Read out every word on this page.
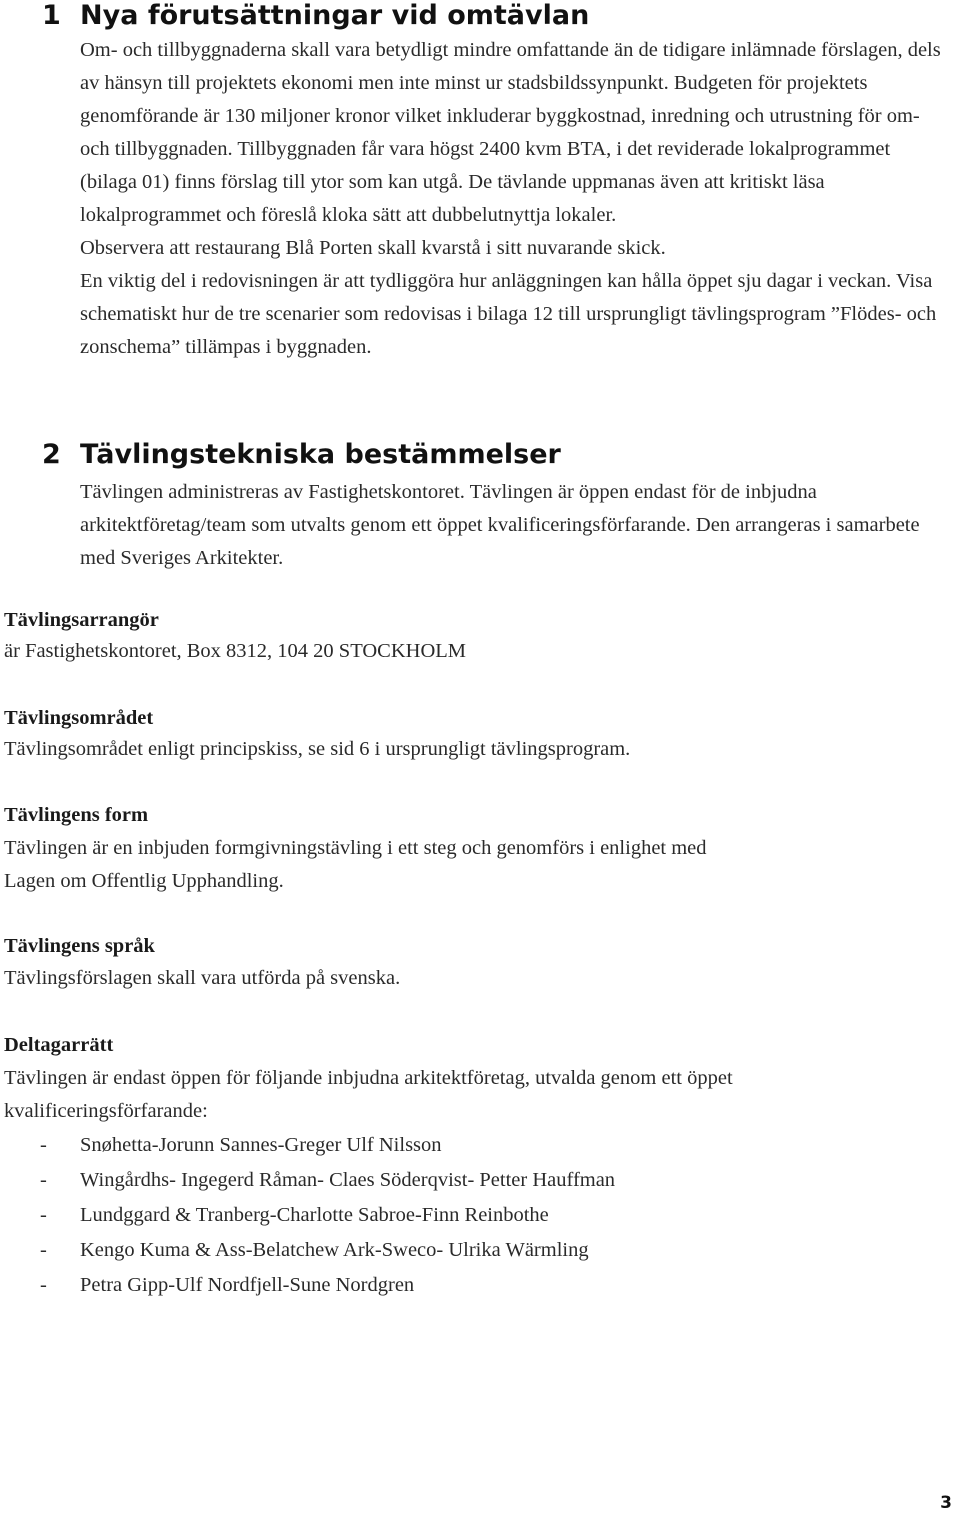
1 Nya förutsättningar vid omtävlan

Om- och tillbyggnaderna skall vara betydligt mindre omfattande än de tidigare inlämnade förslagen, dels av hänsyn till projektets ekonomi men inte minst ur stadsbildssynpunkt. Budgeten för projektets genomförande är 130 miljoner kronor vilket inkluderar byggkostnad, inredning och utrustning för om- och tillbyggnaden. Tillbyggnaden får vara högst 2400 kvm BTA, i det reviderade lokalprogrammet (bilaga 01) finns förslag till ytor som kan utgå. De tävlande uppmanas även att kritiskt läsa lokalprogrammet och föreslå kloka sätt att dubbelutnyttja lokaler.

Observera att restaurang Blå Porten skall kvarstå i sitt nuvarande skick.

En viktig del i redovisningen är att tydliggöra hur anläggningen kan hålla öppet sju dagar i veckan. Visa schematiskt hur de tre scenarier som redovisas i bilaga 12 till ursprungligt tävlingsprogram ”Flödes- och zonschema” tillämpas i byggnaden.

2 Tävlingstekniska bestämmelser

Tävlingen administreras av Fastighetskontoret. Tävlingen är öppen endast för de inbjudna arkitektföretag/team som utvalts genom ett öppet kvalificeringsförfarande. Den arrangeras i samarbete med Sveriges Arkitekter.

Tävlingsarrangör

är Fastighetskontoret, Box 8312, 104 20 STOCKHOLM

Tävlingsområdet

Tävlingsområdet enligt principskiss, se sid 6 i ursprungligt tävlingsprogram.

Tävlingens form

Tävlingen är en inbjuden formgivningstävling i ett steg och genomförs i enlighet med

Lagen om Offentlig Upphandling.

Tävlingens språk

Tävlingsförslagen skall vara utförda på svenska.

Deltagarrätt

Tävlingen är endast öppen för följande inbjudna arkitektföretag, utvalda genom ett öppet

kvalificeringsförfarande:

- Snøhetta-Jorunn Sannes-Greger Ulf Nilsson
- Wingårdhs- Ingegerd Råman- Claes Söderqvist- Petter Hauffman
- Lundggard & Tranberg-Charlotte Sabroe-Finn Reinbothe
- Kengo Kuma & Ass-Belatchew Ark-Sweco- Ulrika Wärmling
- Petra Gipp-Ulf Nordfjell-Sune Nordgren
3
